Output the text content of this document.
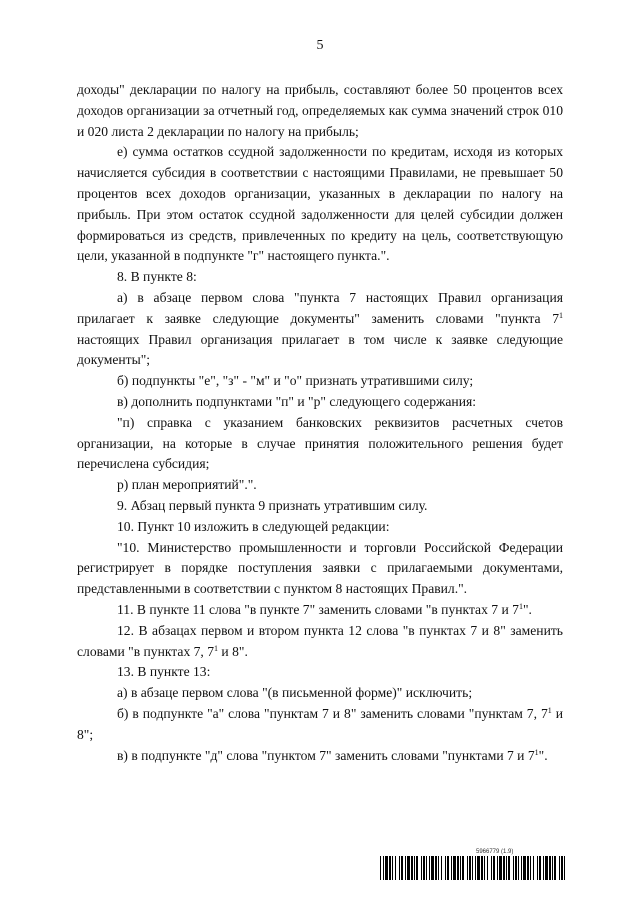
5

доходы" декларации по налогу на прибыль, составляют более 50 процентов всех доходов организации за отчетный год, определяемых как сумма значений строк 010 и 020 листа 2 декларации по налогу на прибыль;

е) сумма остатков ссудной задолженности по кредитам, исходя из которых начисляется субсидия в соответствии с настоящими Правилами, не превышает 50 процентов всех доходов организации, указанных в декларации по налогу на прибыль. При этом остаток ссудной задолженности для целей субсидии должен формироваться из средств, привлеченных по кредиту на цель, соответствующую цели, указанной в подпункте "г" настоящего пункта.".

8. В пункте 8:

а) в абзаце первом слова "пункта 7 настоящих Правил организация прилагает к заявке следующие документы" заменить словами "пункта $7^1$ настоящих Правил организация прилагает в том числе к заявке следующие документы";

б) подпункты "е", "з" - "м" и "о" признать утратившими силу;

в) дополнить подпунктами "п" и "р" следующего содержания:

"п) справка с указанием банковских реквизитов расчетных счетов организации, на которые в случае принятия положительного решения будет перечислена субсидия;

р) план мероприятий".".

9. Абзац первый пункта 9 признать утратившим силу.

10. Пункт 10 изложить в следующей редакции:

"10. Министерство промышленности и торговли Российской Федерации регистрирует в порядке поступления заявки с прилагаемыми документами, представленными в соответствии с пунктом 8 настоящих Правил.".

11. В пункте 11 слова "в пункте 7" заменить словами "в пунктах 7 и $7^1$".

12. В абзацах первом и втором пункта 12 слова "в пунктах 7 и 8" заменить словами "в пунктах 7, $7^1$ и 8".

13. В пункте 13:

а) в абзаце первом слова "(в письменной форме)" исключить;

б) в подпункте "а" слова "пунктам 7 и 8" заменить словами "пунктам 7, $7^1$ и 8";

в) в подпункте "д" слова "пунктом 7" заменить словами "пунктами 7 и $7^1$".

5966779 (1.9)
